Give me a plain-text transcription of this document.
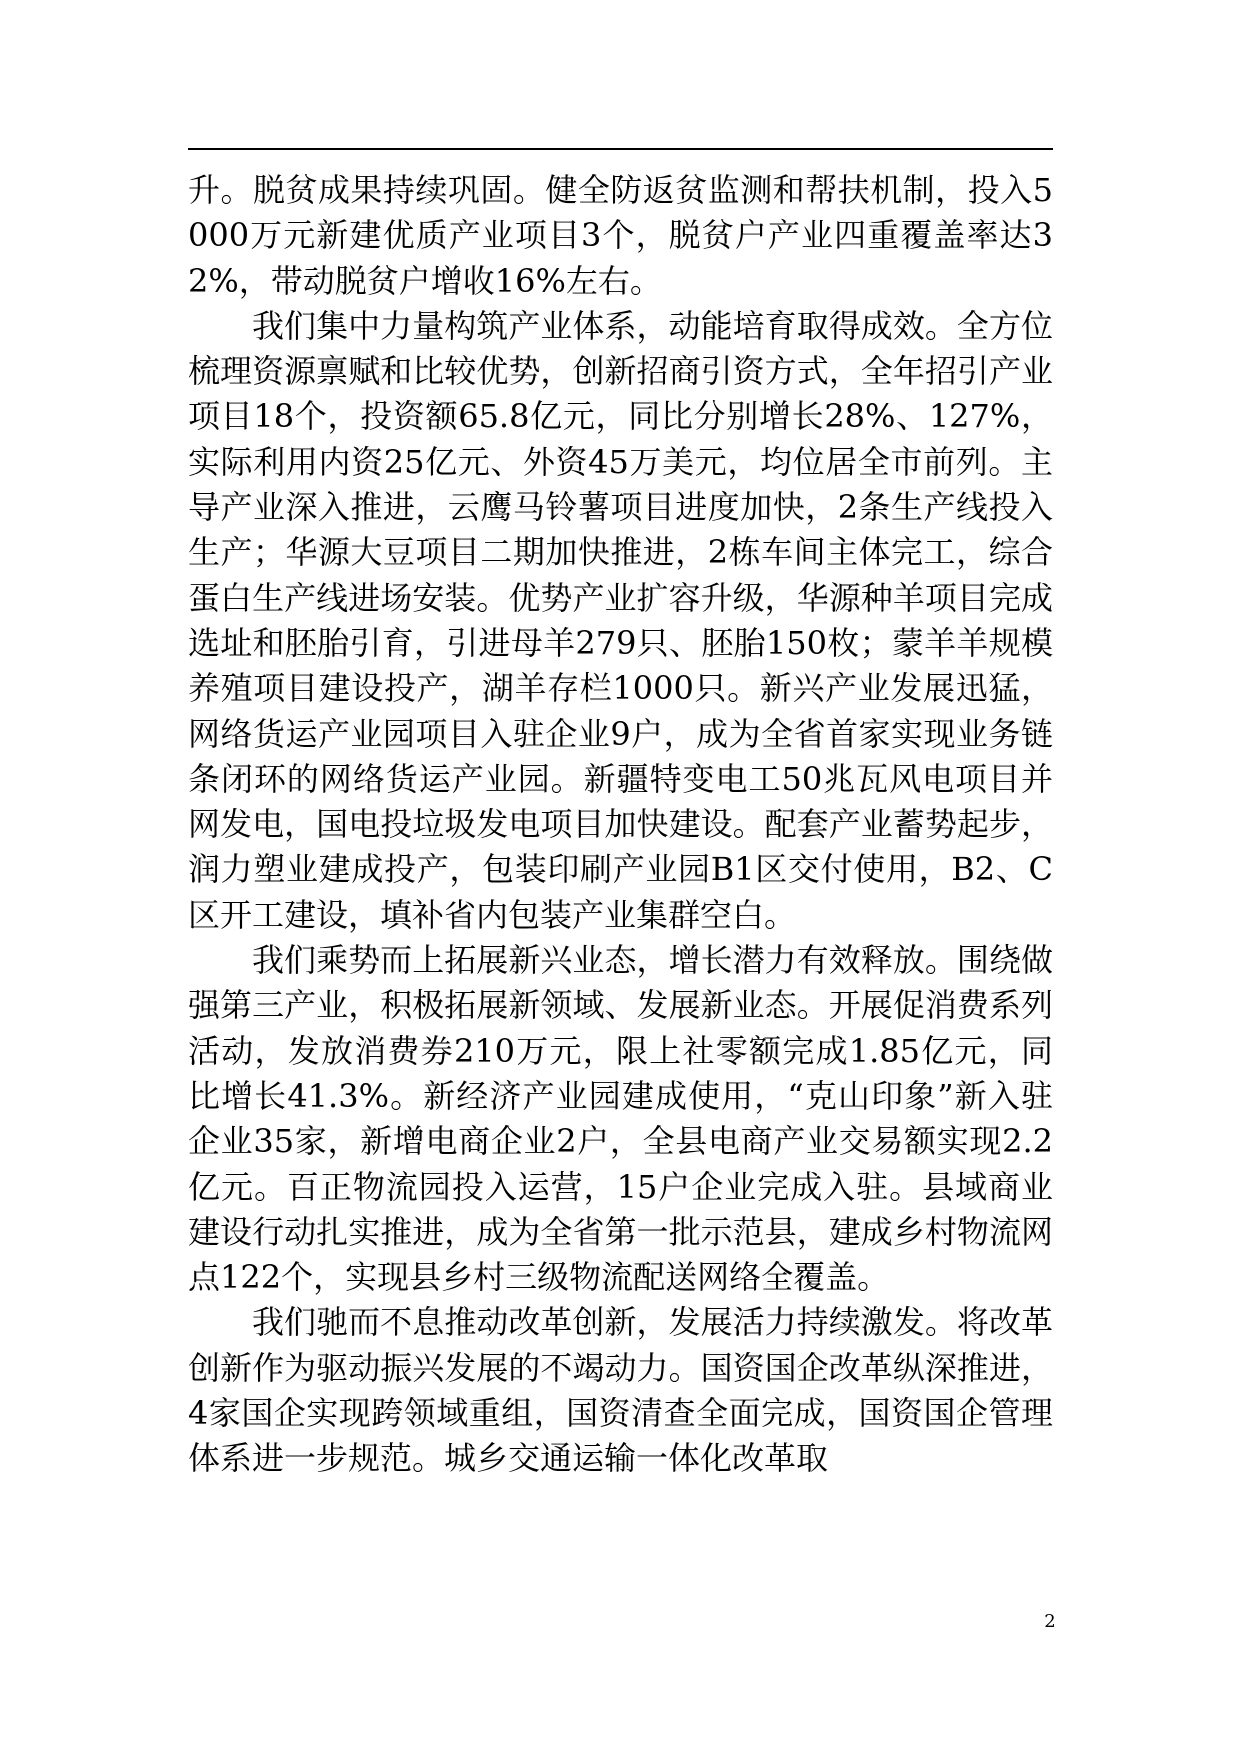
升。脱贫成果持续巩固。健全防返贫监测和帮扶机制，投入5000万元新建优质产业项目3个，脱贫户产业四重覆盖率达32%，带动脱贫户增收16%左右。

我们集中力量构筑产业体系，动能培育取得成效。全方位梳理资源禀赋和比较优势，创新招商引资方式，全年招引产业项目18个，投资额65.8亿元，同比分别增长28%、127%，实际利用内资25亿元、外资45万美元，均位居全市前列。主导产业深入推进，云鹰马铃薯项目进度加快，2条生产线投入生产；华源大豆项目二期加快推进，2栋车间主体完工，综合蛋白生产线进场安装。优势产业扩容升级，华源种羊项目完成选址和胚胎引育，引进母羊279只、胚胎150枚；蒙羊羊规模养殖项目建设投产，湖羊存栏1000只。新兴产业发展迅猛，网络货运产业园项目入驻企业9户，成为全省首家实现业务链条闭环的网络货运产业园。新疆特变电工50兆瓦风电项目并网发电，国电投垃圾发电项目加快建设。配套产业蓄势起步，润力塑业建成投产，包装印刷产业园B1区交付使用，B2、C区开工建设，填补省内包装产业集群空白。

我们乘势而上拓展新兴业态，增长潜力有效释放。围绕做强第三产业，积极拓展新领域、发展新业态。开展促消费系列活动，发放消费券210万元，限上社零额完成1.85亿元，同比增长41.3%。新经济产业园建成使用，“克山印象”新入驻企业35家，新增电商企业2户，全县电商产业交易额实现2.2亿元。百正物流园投入运营，15户企业完成入驻。县域商业建设行动扎实推进，成为全省第一批示范县，建成乡村物流网点122个，实现县乡村三级物流配送网络全覆盖。

我们驰而不息推动改革创新，发展活力持续激发。将改革创新作为驱动振兴发展的不竭动力。国资国企改革纵深推进，4家国企实现跨领域重组，国资清查全面完成，国资国企管理体系进一步规范。城乡交通运输一体化改革取

2
